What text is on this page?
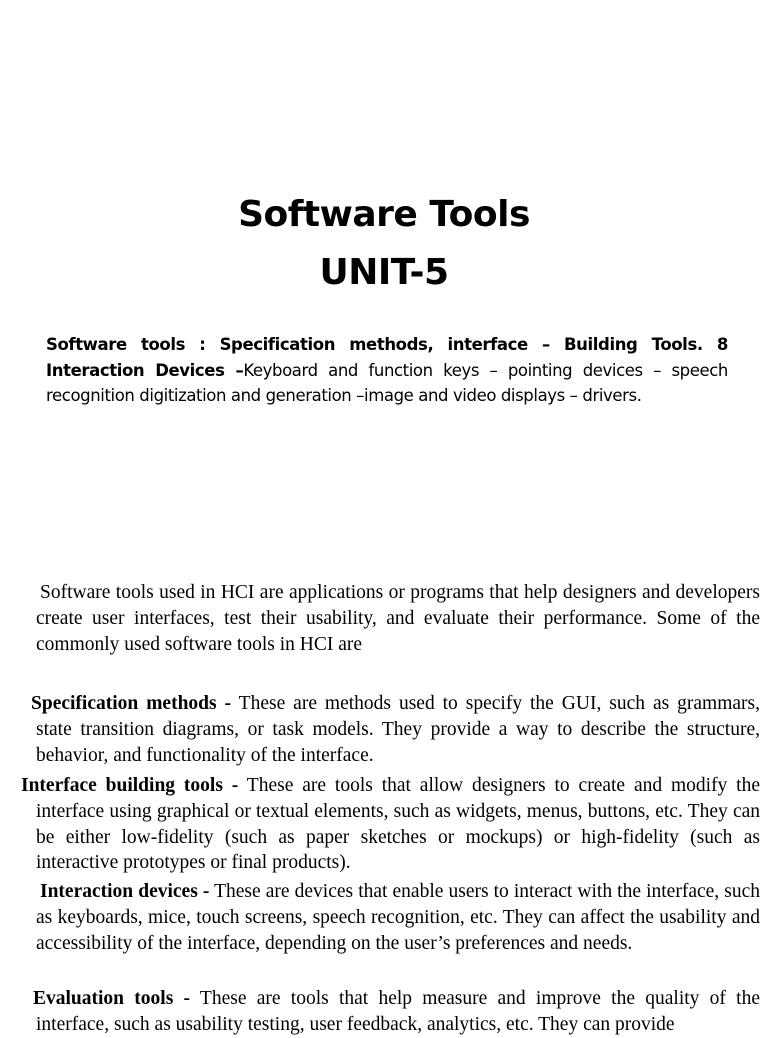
Software Tools
UNIT-5
Software tools : Specification methods, interface – Building Tools. 8 Interaction Devices –Keyboard and function keys – pointing devices – speech recognition digitization and generation –image and video displays – drivers.
Software tools used in HCI are applications or programs that help designers and developers create user interfaces, test their usability, and evaluate their performance. Some of the commonly used software tools in HCI are
Specification methods - These are methods used to specify the GUI, such as grammars, state transition diagrams, or task models. They provide a way to describe the structure, behavior, and functionality of the interface.
Interface building tools - These are tools that allow designers to create and modify the interface using graphical or textual elements, such as widgets, menus, buttons, etc. They can be either low-fidelity (such as paper sketches or mockups) or high-fidelity (such as interactive prototypes or final products).
Interaction devices - These are devices that enable users to interact with the interface, such as keyboards, mice, touch screens, speech recognition, etc. They can affect the usability and accessibility of the interface, depending on the user’s preferences and needs.
Evaluation tools - These are tools that help measure and improve the quality of the interface, such as usability testing, user feedback, analytics, etc. They can provide
